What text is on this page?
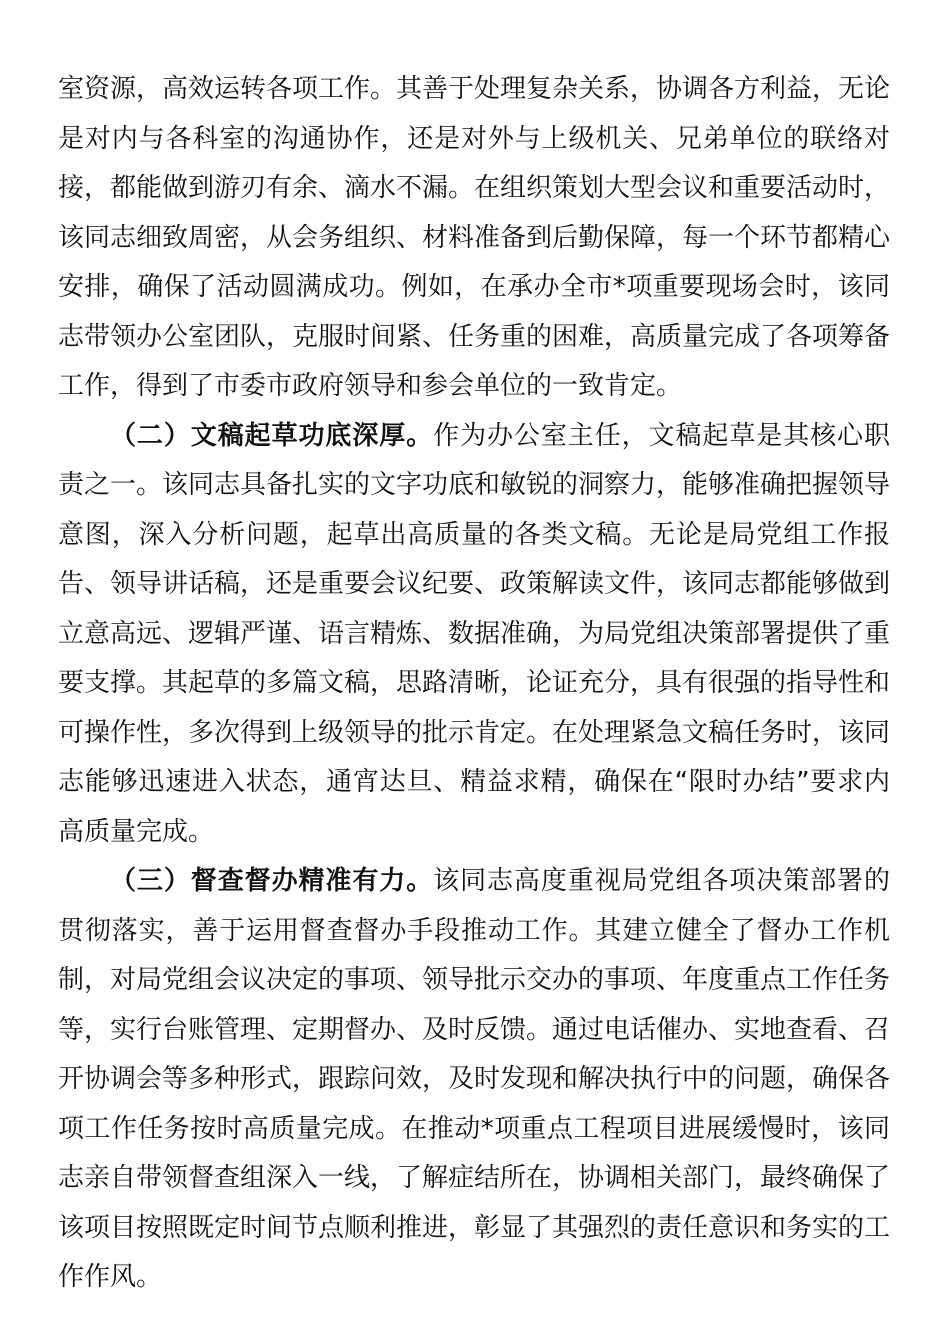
室资源，高效运转各项工作。其善于处理复杂关系，协调各方利益，无论是对内与各科室的沟通协作，还是对外与上级机关、兄弟单位的联络对接，都能做到游刃有余、滴水不漏。在组织策划大型会议和重要活动时，该同志细致周密，从会务组织、材料准备到后勤保障，每一个环节都精心安排，确保了活动圆满成功。例如，在承办全市*项重要现场会时，该同志带领办公室团队，克服时间紧、任务重的困难，高质量完成了各项筹备工作，得到了市委市政府领导和参会单位的一致肯定。

（二）文稿起草功底深厚。作为办公室主任，文稿起草是其核心职责之一。该同志具备扎实的文字功底和敏锐的洞察力，能够准确把握领导意图，深入分析问题，起草出高质量的各类文稿。无论是局党组工作报告、领导讲话稿，还是重要会议纪要、政策解读文件，该同志都能够做到立意高远、逻辑严谨、语言精炼、数据准确，为局党组决策部署提供了重要支撑。其起草的多篇文稿，思路清晰，论证充分，具有很强的指导性和可操作性，多次得到上级领导的批示肯定。在处理紧急文稿任务时，该同志能够迅速进入状态，通宵达旦、精益求精，确保在“限时办结”要求内高质量完成。

（三）督查督办精准有力。该同志高度重视局党组各项决策部署的贯彻落实，善于运用督查督办手段推动工作。其建立健全了督办工作机制，对局党组会议决定的事项、领导批示交办的事项、年度重点工作任务等，实行台账管理、定期督办、及时反馈。通过电话催办、实地查看、召开协调会等多种形式，跟踪问效，及时发现和解决执行中的问题，确保各项工作任务按时高质量完成。在推动*项重点工程项目进展缓慢时，该同志亲自带领督查组深入一线，了解症结所在，协调相关部门，最终确保了该项目按照既定时间节点顺利推进，彰显了其强烈的责任意识和务实的工作作风。
